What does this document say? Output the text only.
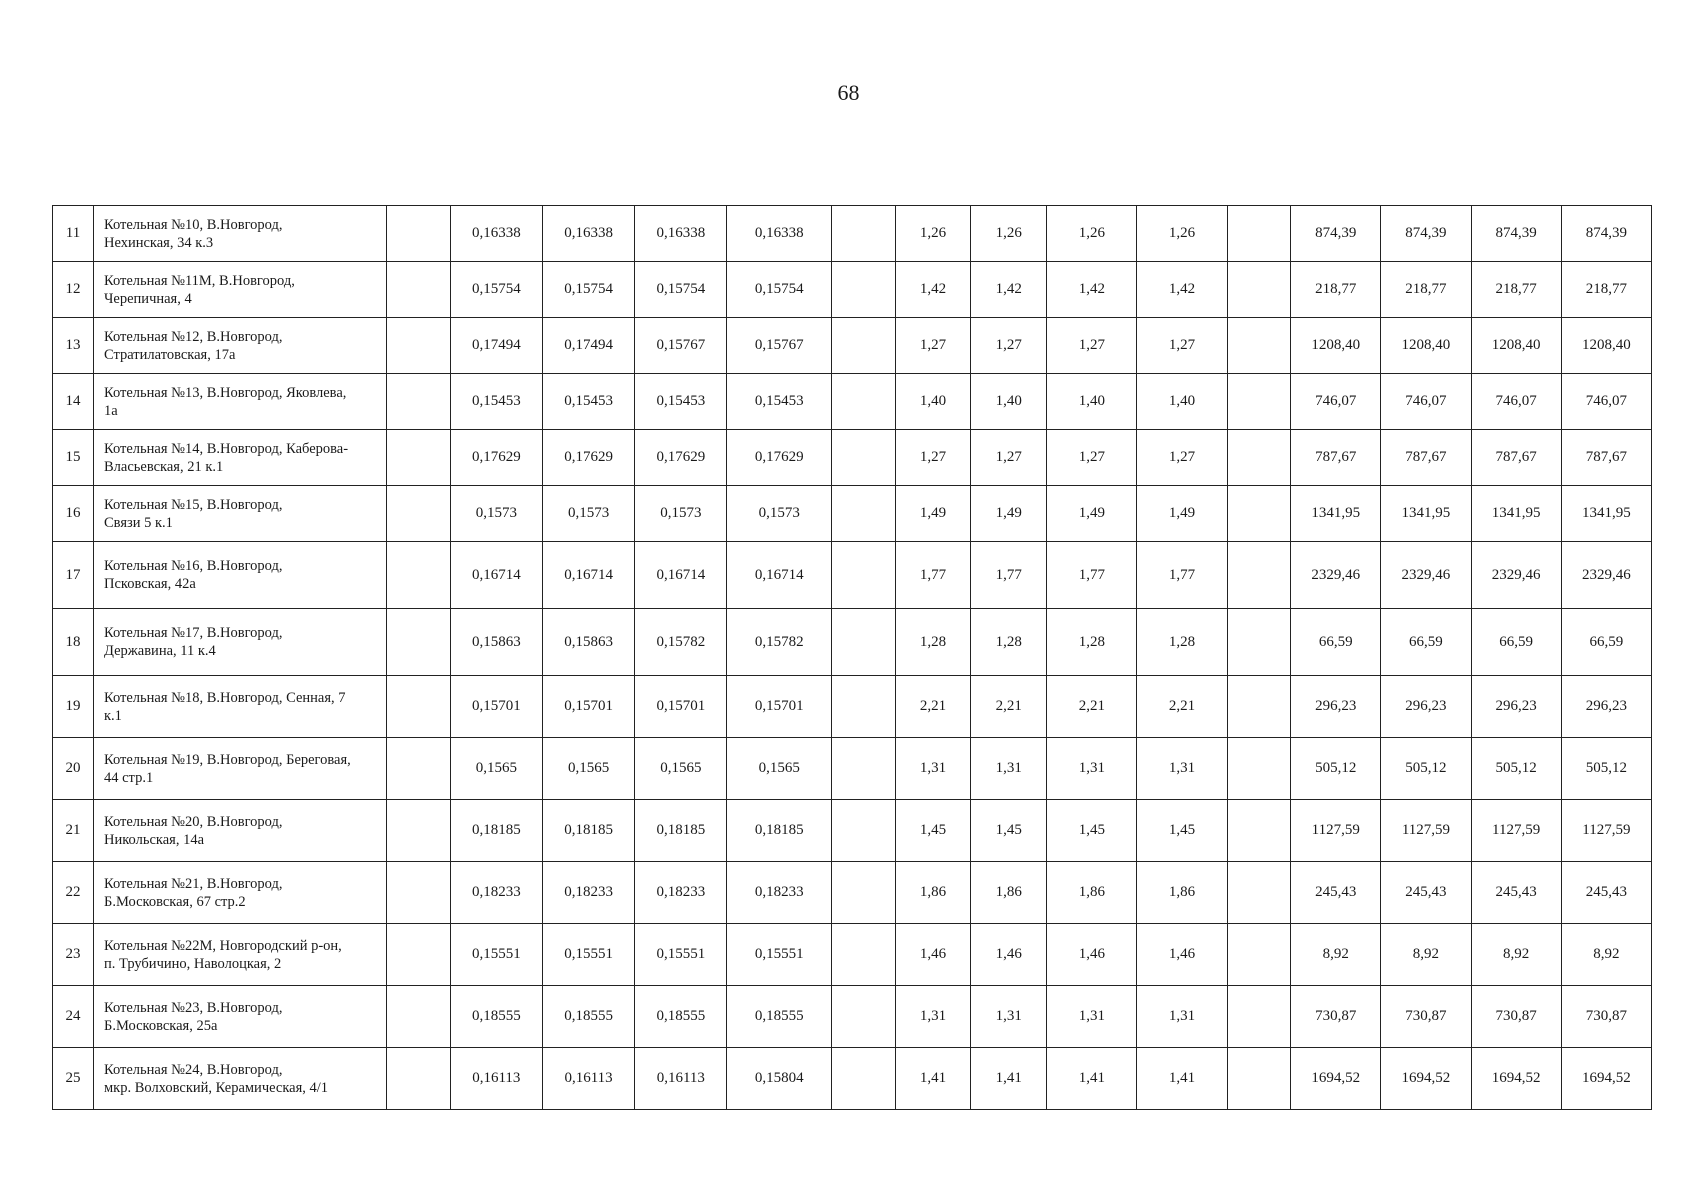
68
11	Котельная №10, В.Новгород,
Нехинская, 34 к.3		0,16338	0,16338	0,16338	0,16338		1,26	1,26	1,26	1,26		874,39	874,39	874,39	874,39
12	Котельная №11М, В.Новгород,
Черепичная, 4		0,15754	0,15754	0,15754	0,15754		1,42	1,42	1,42	1,42		218,77	218,77	218,77	218,77
13	Котельная №12, В.Новгород,
Стратилатовская, 17а		0,17494	0,17494	0,15767	0,15767		1,27	1,27	1,27	1,27		1208,40	1208,40	1208,40	1208,40
14	Котельная №13, В.Новгород, Яковлева,
1а		0,15453	0,15453	0,15453	0,15453		1,40	1,40	1,40	1,40		746,07	746,07	746,07	746,07
15	Котельная №14, В.Новгород, Каберова-
Власьевская, 21 к.1		0,17629	0,17629	0,17629	0,17629		1,27	1,27	1,27	1,27		787,67	787,67	787,67	787,67
16	Котельная №15, В.Новгород,
Связи 5 к.1		0,1573	0,1573	0,1573	0,1573		1,49	1,49	1,49	1,49		1341,95	1341,95	1341,95	1341,95
17	Котельная №16, В.Новгород,
Псковская, 42а		0,16714	0,16714	0,16714	0,16714		1,77	1,77	1,77	1,77		2329,46	2329,46	2329,46	2329,46
18	Котельная №17, В.Новгород,
Державина, 11 к.4		0,15863	0,15863	0,15782	0,15782		1,28	1,28	1,28	1,28		66,59	66,59	66,59	66,59
19	Котельная №18, В.Новгород, Сенная, 7
к.1		0,15701	0,15701	0,15701	0,15701		2,21	2,21	2,21	2,21		296,23	296,23	296,23	296,23
20	Котельная №19, В.Новгород, Береговая,
44 стр.1		0,1565	0,1565	0,1565	0,1565		1,31	1,31	1,31	1,31		505,12	505,12	505,12	505,12
21	Котельная №20, В.Новгород,
Никольская, 14а		0,18185	0,18185	0,18185	0,18185		1,45	1,45	1,45	1,45		1127,59	1127,59	1127,59	1127,59
22	Котельная №21, В.Новгород,
Б.Московская, 67 стр.2		0,18233	0,18233	0,18233	0,18233		1,86	1,86	1,86	1,86		245,43	245,43	245,43	245,43
23	Котельная №22М, Новгородский р-он,
п. Трубичино, Наволоцкая, 2		0,15551	0,15551	0,15551	0,15551		1,46	1,46	1,46	1,46		8,92	8,92	8,92	8,92
24	Котельная №23, В.Новгород,
Б.Московская, 25а		0,18555	0,18555	0,18555	0,18555		1,31	1,31	1,31	1,31		730,87	730,87	730,87	730,87
25	Котельная №24, В.Новгород,
мкр. Волховский, Керамическая, 4/1		0,16113	0,16113	0,16113	0,15804		1,41	1,41	1,41	1,41		1694,52	1694,52	1694,52	1694,52
